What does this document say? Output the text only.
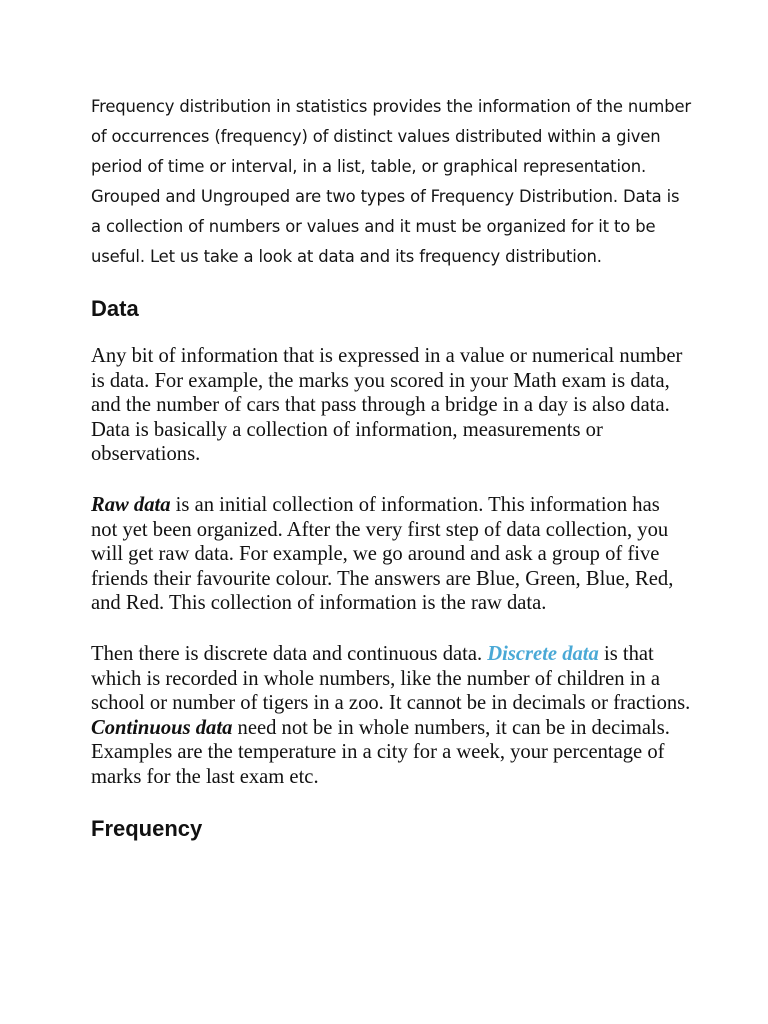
Frequency distribution in statistics provides the information of the number of occurrences (frequency) of distinct values distributed within a given period of time or interval, in a list, table, or graphical representation. Grouped and Ungrouped are two types of Frequency Distribution. Data is a collection of numbers or values and it must be organized for it to be useful. Let us take a look at data and its frequency distribution.

Data

Any bit of information that is expressed in a value or numerical number is data. For example, the marks you scored in your Math exam is data, and the number of cars that pass through a bridge in a day is also data. Data is basically a collection of information, measurements or observations.

Raw data is an initial collection of information. This information has not yet been organized. After the very first step of data collection, you will get raw data. For example, we go around and ask a group of five friends their favourite colour. The answers are Blue, Green, Blue, Red, and Red. This collection of information is the raw data.

Then there is discrete data and continuous data. Discrete data is that which is recorded in whole numbers, like the number of children in a school or number of tigers in a zoo. It cannot be in decimals or fractions. Continuous data need not be in whole numbers, it can be in decimals. Examples are the temperature in a city for a week, your percentage of marks for the last exam etc.

Frequency
